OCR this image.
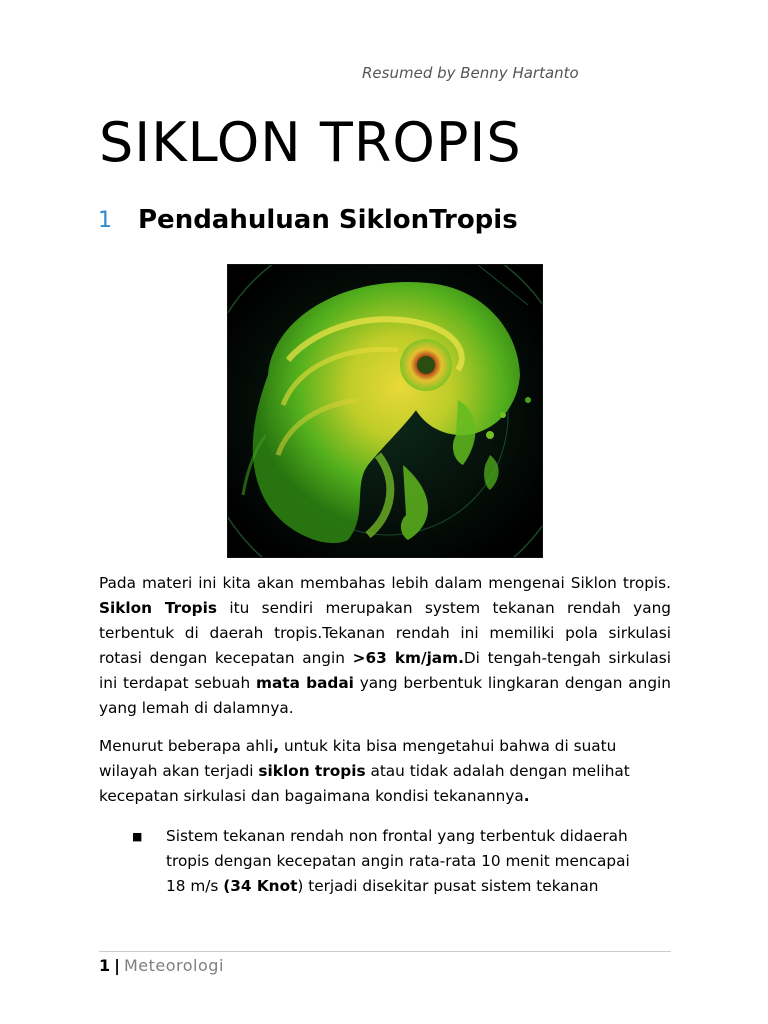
Resumed by Benny Hartanto
SIKLON TROPIS
1	Pendahuluan SiklonTropis

Pada materi ini kita akan membahas lebih dalam mengenai Siklon tropis. Siklon Tropis itu sendiri merupakan system tekanan rendah yang terbentuk di daerah tropis.Tekanan rendah ini memiliki pola sirkulasi rotasi dengan kecepatan angin >63 km/jam.Di tengah-tengah sirkulasi ini terdapat sebuah mata badai yang berbentuk lingkaran dengan angin yang lemah di dalamnya.

Menurut beberapa ahli, untuk kita bisa mengetahui bahwa di suatu wilayah akan terjadi siklon tropis atau tidak adalah dengan melihat kecepatan sirkulasi dan bagaimana kondisi tekanannya.

■ Sistem tekanan rendah non frontal yang terbentuk didaerah tropis dengan kecepatan angin rata-rata 10 menit mencapai 18 m/s (34 Knot) terjadi disekitar pusat sistem tekanan
1 | Meteorologi
